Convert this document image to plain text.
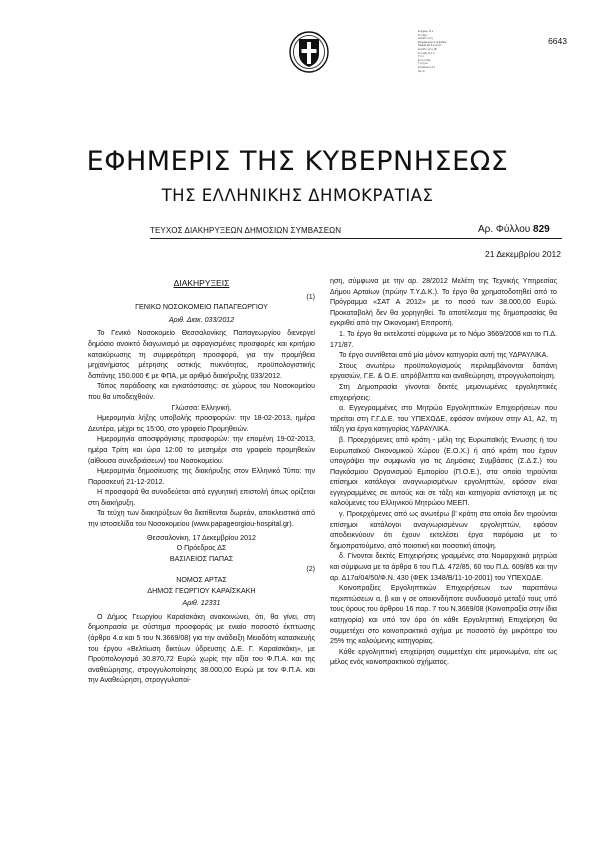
Ε φημερ. ιδ ε
Κ υ βερ.
Δ ιευθ υ νσ η
Ενημέρωσης Κ αι Επικοι
Περιοδ ικά Κ αι Α να
Δ ιευθ υ νσ η 18
Κ ύ ριας Π ρ ο
Τ η λ
Ε λ ε ύ θερ
Τ μ ή μα
Α ποστολ ή Α ν
Αρ. Ιλ
6643
ΕΦΗΜΕΡΙΣ ΤΗΣ ΚΥΒΕΡΝΗΣΕΩΣ
ΤΗΣ ΕΛΛΗΝΙΚΗΣ ΔΗΜΟΚΡΑΤΙΑΣ
ΤΕΥΧΟΣ ΔΙΑΚΗΡΥΞΕΩΝ ΔΗΜΟΣΙΩΝ ΣΥΜΒΑΣΕΩΝ	Αρ. Φύλλου 829
21 Δεκεμβρίου 2012

ΔΙΑΚΗΡΥΞΕΙΣ

(1)

ΓΕΝΙΚΟ ΝΟΣΟΚΟΜΕΙΟ ΠΑΠΑΓΕΩΡΓΙΟΥ

Αριθ. Διακ. 033/2012

Το Γενικό Νοσοκομείο Θεσσαλονίκης Παπαγεωργίου διενεργεί δημόσιο ανοικτό διαγωνισμό με σφραγισμένες προσφορές και κριτήριο κατακύρωσης τη συμφερότερη προσφορά, για την προμήθεια μηχανήματος μέτρησης οστικής πυκνότητας, προϋπολογιστικής δαπάνης 150.000 € με ΦΠΑ, με αριθμό διακήρυξης 033/2012.

Τόπος παράδοσης και εγκατάστασης: σε χώρους του Νοσοκομείου που θα υποδειχθούν.

Γλώσσα: Ελληνική.

Ημερομηνία λήξης υποβολής προσφορών: την 18-02-2013, ημέρα Δευτέρα, μέχρι τις 15:00, στο γραφείο Προμηθειών.

Ημερομηνία αποσφράγισης προσφορών: την επομένη 19-02-2013, ημέρα Τρίτη και ώρα 12:00 το μεσημέρι στο γραφείο προμηθειών (αίθουσα συνεδριάσεων) του Νοσοκομείου.

Ημερομηνία δημοσίευσης της διακήρυξης στον Ελληνικό Τύπο: την Παρασκευή 21-12-2012.

Η προσφορά θα συνοδεύεται από εγγυητική επιστολή όπως ορίζεται στη διακήρυξη.

Τα τεύχη των διακηρύξεων θα διατίθενται δωρεάν, αποκλειστικά από την ιστοσελίδα του Νοσοκομείου (www.papageorgiou-hospital.gr).

Θεσσαλονίκη, 17 Δεκεμβρίου 2012

Ο Πρόεδρος ΔΣ

ΒΑΣΙΛΕΙΟΣ ΠΑΠΑΣ

(2)

ΝΟΜΟΣ ΑΡΤΑΣ

ΔΗΜΟΣ ΓΕΩΡΓΙΟΥ ΚΑΡΑΪΣΚΑΚΗ

Αριθ. 12331

Ο Δήμος Γεωργίου Καραϊσκάκη ανακοινώνει, ότι, θα γίνει, στη δημοπρασία με σύστημα προσφοράς με ενιαίο ποσοστό έκπτωσης (άρθρο 4.α και 5 του Ν.3669/08) για την ανάδειξη Μειοδότη κατασκευής του έργου «Βελτίωση δικτύων ύδρευσης Δ.Ε. Γ. Καραϊσκάκη», με Προϋπολογισμό 30.870,72 Ευρώ χωρίς την αξία του Φ.Π.Α. και της αναθεώρησης, στρογγυλοποίησης 38.000,00 Ευρώ με τον Φ.Π.Α. και την Αναθεώρηση, στρογγυλοποί-

ηση, σύμφωνα με την αρ. 28/2012 Μελέτη της Τεχνικής Υπηρεσίας Δήμου Αρταίων (πρώην Τ.Υ.Δ.Κ.). Το έργο θα χρηματοδοτηθεί από το Πρόγραμμα «ΣΑΤ Α 2012» με το ποσό των 38.000,00 Ευρώ. Προκαταβολή δεν θα χορηγηθεί. Το αποτέλεσμα της δημοπρασίας θα εγκριθεί από την Οικονομική Επιτροπή.

1. Το έργο θα εκτελεστεί σύμφωνα με το Νόμο 3669/2008 και το Π.Δ. 171/87.

Το έργο συντίθεται από μία μόνον κατηγορία αυτή της ΥΔΡΑΥΛΙΚΑ.

Στους ανωτέρω προϋπολογισμούς περιλαμβάνονται δαπάνη εργασιών, Γ.Ε. & Ο.Ε. απρόβλεπτα και αναθεώρηση, στρογγυλοποίηση.

Στη Δημοπρασία γίνονται δεκτές μεμονωμένες εργοληπτικές επιχειρήσεις:

α. Εγγεγραμμένες στο Μητρώο Εργοληπτικών Επιχειρήσεων που τηρείται στη Γ.Γ.Δ.Ε. του ΥΠΕΧΩΔΕ, εφόσον ανήκουν στην Α1, Α2, τη τάξη για έργα κατηγορίας ΥΔΡΑΥΛΙΚΑ.

β. Προερχόμενες από κράτη - μέλη της Ευρωπαϊκής Ένωσης ή του Ευρωπαϊκού Οικονομικού Χώρου (Ε.Ο.Χ.) ή από κράτη που έχουν υπογράψει την συμφωνία για τις Δημόσιες Συμβάσεις (Σ.Δ.Σ.) του Παγκόσμιου Οργανισμού Εμπορίου (Π.Ο.Ε.), στα οποία τηρούνται επίσημοι κατάλογοι αναγνωρισμένων εργοληπτών, εφόσον είναι εγγεγραμμένες σε αυτούς και σε τάξη και κατηγορία αντίστοιχη με τις καλούμενες του Ελληνικού Μητρώου ΜΕΕΠ.

γ. Προερχόμενες από ως ανωτέρω β' κράτη στα οποία δεν τηρούνται επίσημοι κατάλογοι αναγνωρισμένων εργοληπτών, εφόσον αποδεικνύουν ότι έχουν εκτελέσει έργα παρόμοια με το δημοπρατούμενο, από ποιοτική και ποσοτική άποψη.

δ. Γίνονται δεκτές Επιχειρήσεις γραμμένες στα Νομαρχιακά μητρώα και σύμφωνα με τα άρθρα 6 του Π.Δ. 472/85, 60 του Π.Δ. 609/85 και την αρ. Δ17α/04/50/Φ.Ν. 430 (ΦΕΚ 1348/Β/11-10-2001) του ΥΠΕΧΩΔΕ.

Κοινοπραξίες Εργοληπτικών Επιχειρήσεων των παραπάνω περιπτώσεων α, β και γ σε οποιονδήποτε συνδυασμό μεταξύ τους υπό τους όρους του άρθρου 16 παρ. 7 του Ν.3669/08 (Κοινοπραξία στην ίδια κατηγορία) και υπό τον όρο ότι κάθε Εργοληπτική Επιχείρηση θα συμμετέχει στο κοινοπρακτικό σχήμα με ποσοστό όχι μικρότερο του 25% της καλούμενης κατηγορίας.

Κάθε εργοληπτική επιχείρηση συμμετέχει είτε μεμονωμένα, είτε ως μέλος ενός κοινοπρακτικού σχήματος.
